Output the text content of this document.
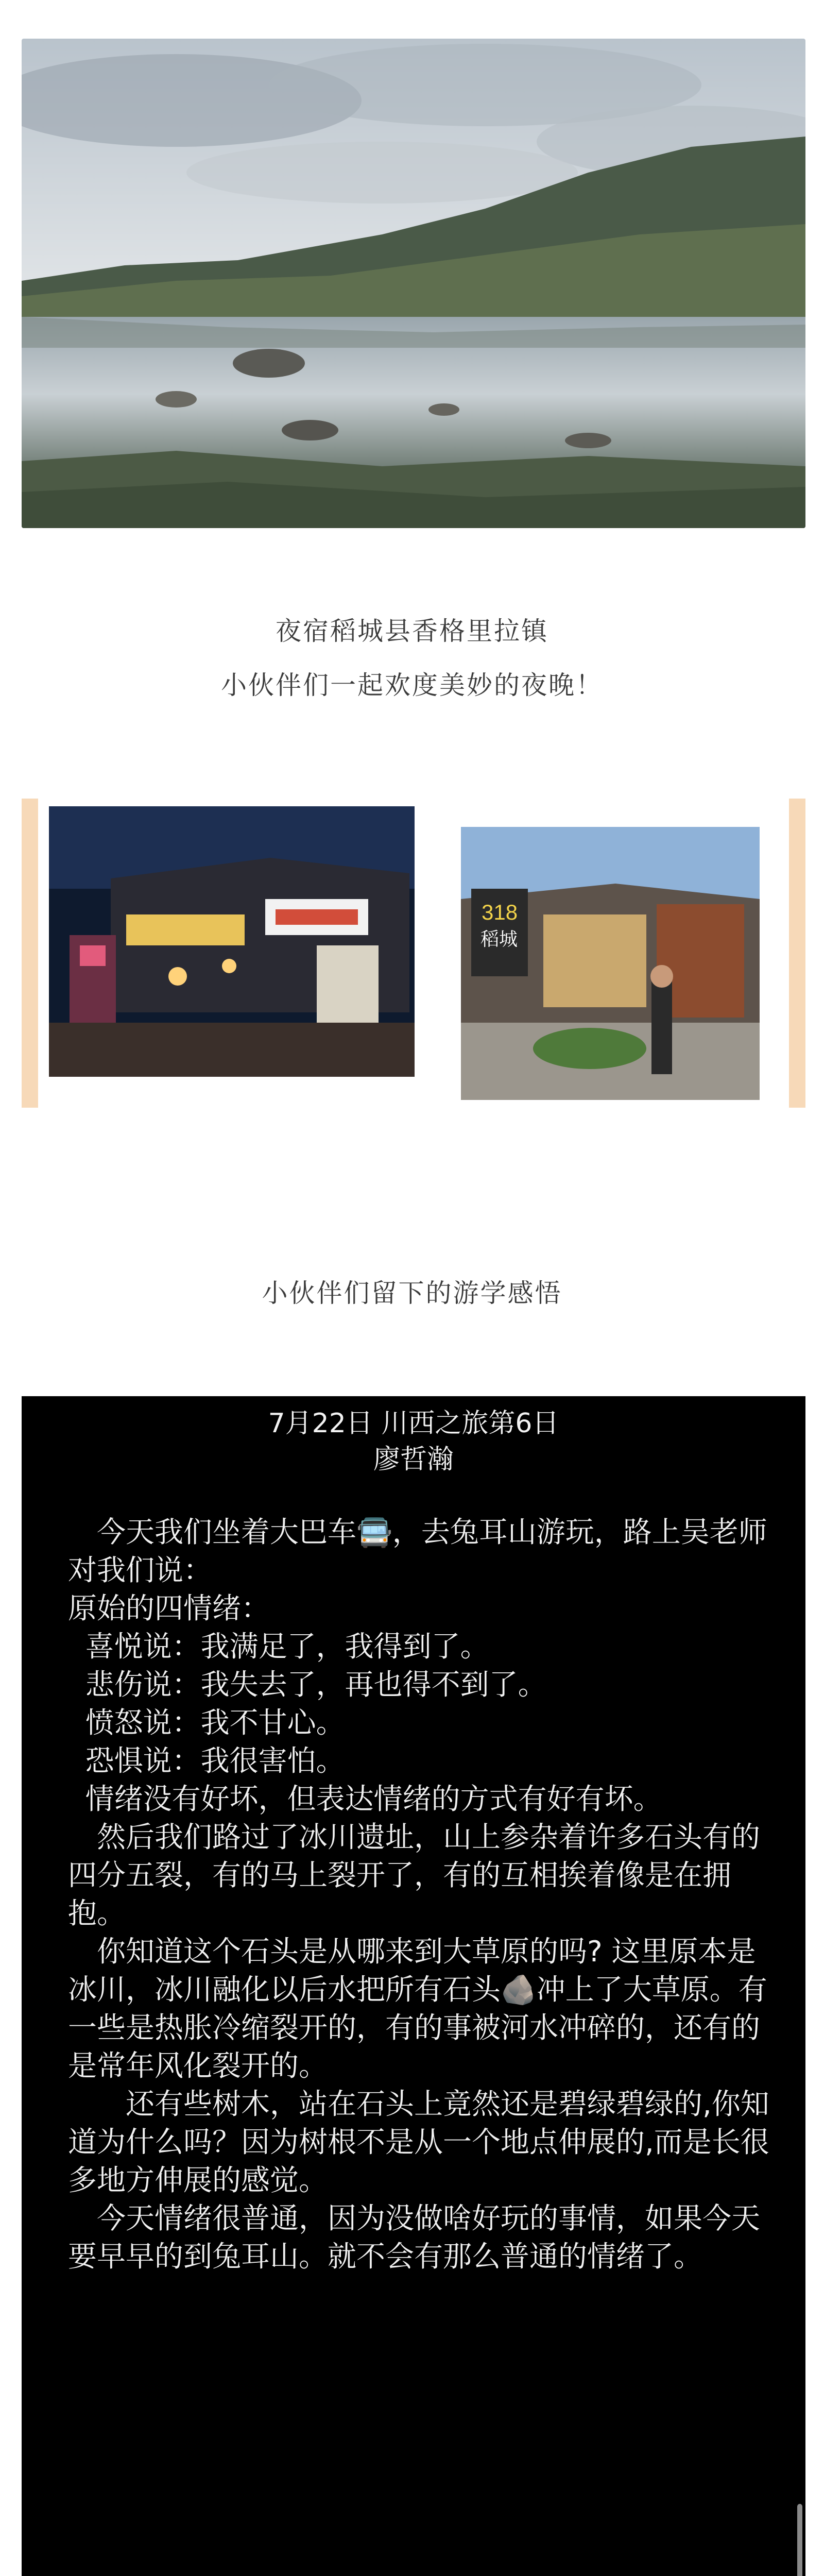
夜宿稻城县香格里拉镇
小伙伴们一起欢度美妙的夜晚！
318
稻城
小伙伴们留下的游学感悟
7月22日 川西之旅第6日
廖哲瀚

今天我们坐着大巴车🚍，去兔耳山游玩，路上吴老师对我们说：

原始的四情绪：

喜悦说：我满足了，我得到了。

悲伤说：我失去了，再也得不到了。

愤怒说：我不甘心。

恐惧说：我很害怕。

情绪没有好坏，但表达情绪的方式有好有坏。

然后我们路过了冰川遗址，山上参杂着许多石头有的四分五裂，有的马上裂开了，有的互相挨着像是在拥抱。

你知道这个石头是从哪来到大草原的吗? 这里原本是冰川，冰川融化以后水把所有石头🪨冲上了大草原。有一些是热胀冷缩裂开的，有的事被河水冲碎的，还有的是常年风化裂开的。

还有些树木，站在石头上竟然还是碧绿碧绿的,你知道为什么吗？因为树根不是从一个地点伸展的,而是长很多地方伸展的感觉。

今天情绪很普通，因为没做啥好玩的事情，如果今天要早早的到兔耳山。就不会有那么普通的情绪了。
